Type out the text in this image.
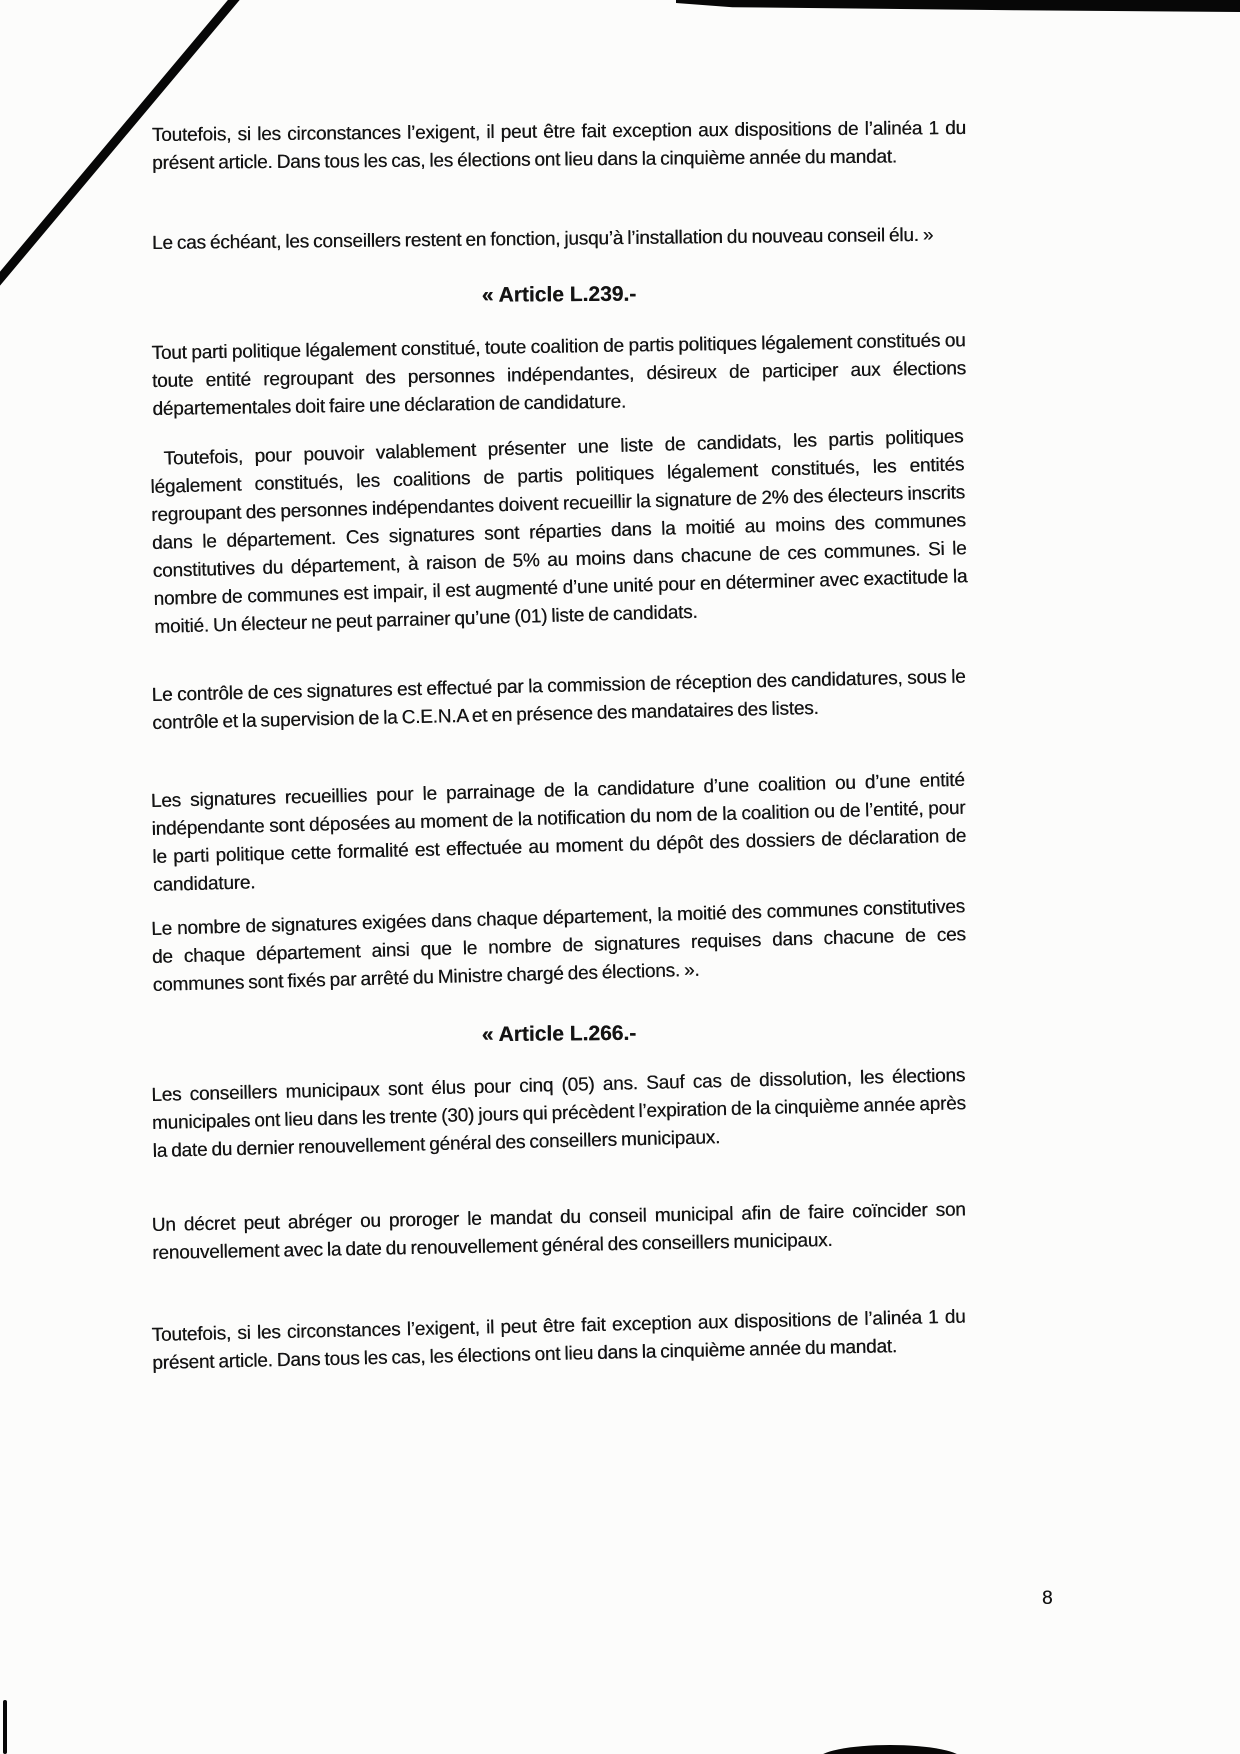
Toutefois, si les circonstances l’exigent, il peut être fait exception aux dispositions de l’alinéa 1 du présent article. Dans tous les cas, les élections ont lieu dans la cinquième année du mandat.
Le cas échéant, les conseillers restent en fonction, jusqu’à l’installation du nouveau conseil élu. »
« Article L.239.-
Tout parti politique légalement constitué, toute coalition de partis politiques légalement constitués ou toute entité regroupant des personnes indépendantes, désireux de participer aux élections départementales doit faire une déclaration de candidature.
Toutefois, pour pouvoir valablement présenter une liste de candidats, les partis politiques légalement constitués, les coalitions de partis politiques légalement constitués, les entités regroupant des personnes indépendantes doivent recueillir la signature de 2% des électeurs inscrits dans le département. Ces signatures sont réparties dans la moitié au moins des communes constitutives du département, à raison de 5% au moins dans chacune de ces communes. Si le nombre de communes est impair, il est augmenté d’une unité pour en déterminer avec exactitude la moitié. Un électeur ne peut parrainer qu’une (01) liste de candidats.
Le contrôle de ces signatures est effectué par la commission de réception des candidatures, sous le contrôle et la supervision de la C.E.N.A et en présence des mandataires des listes.
Les signatures recueillies pour le parrainage de la candidature d’une coalition ou d’une entité indépendante sont déposées au moment de la notification du nom de la coalition ou de l’entité, pour le parti politique cette formalité est effectuée au moment du dépôt des dossiers de déclaration de candidature.
Le nombre de signatures exigées dans chaque département, la moitié des communes constitutives de chaque département ainsi que le nombre de signatures requises dans chacune de ces communes sont fixés par arrêté du Ministre chargé des élections. ».
« Article L.266.-
Les conseillers municipaux sont élus pour cinq (05) ans. Sauf cas de dissolution, les élections municipales ont lieu dans les trente (30) jours qui précèdent l’expiration de la cinquième année après la date du dernier renouvellement général des conseillers municipaux.
Un décret peut abréger ou proroger le mandat du conseil municipal afin de faire coïncider son renouvellement avec la date du renouvellement général des conseillers municipaux.
Toutefois, si les circonstances l’exigent, il peut être fait exception aux dispositions de l’alinéa 1 du présent article. Dans tous les cas, les élections ont lieu dans la cinquième année du mandat.
8
